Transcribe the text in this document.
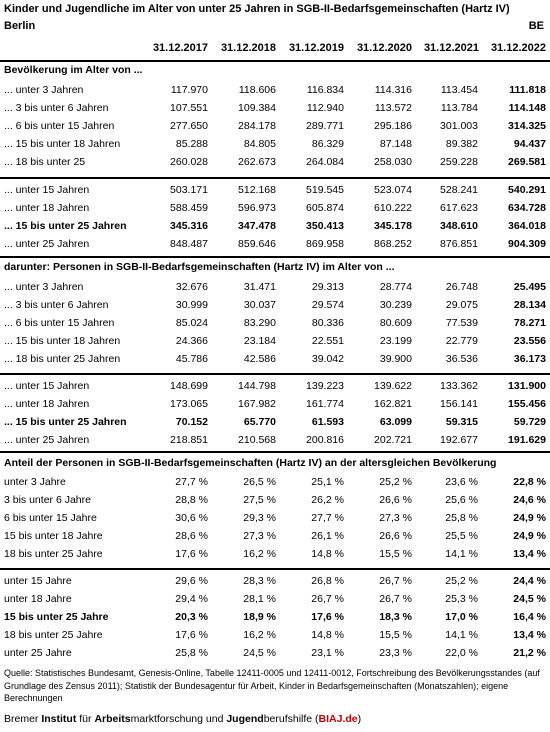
Kinder und Jugendliche im Alter von unter 25 Jahren in SGB-II-Bedarfsgemeinschaften (Hartz IV)
Berlin	BE
31.12.2017	31.12.2018	31.12.2019	31.12.2020	31.12.2021	31.12.2022
Bevölkerung im Alter von ...
... unter 3 Jahren	117.970	118.606	116.834	114.316	113.454	111.818
... 3 bis unter 6 Jahren	107.551	109.384	112.940	113.572	113.784	114.148
... 6 bis unter 15 Jahren	277.650	284.178	289.771	295.186	301.003	314.325
... 15 bis unter 18 Jahren	85.288	84.805	86.329	87.148	89.382	94.437
... 18 bis unter 25	260.028	262.673	264.084	258.030	259.228	269.581
... unter 15 Jahren	503.171	512.168	519.545	523.074	528.241	540.291
... unter 18 Jahren	588.459	596.973	605.874	610.222	617.623	634.728
... 15 bis unter 25 Jahren	345.316	347.478	350.413	345.178	348.610	364.018
... unter 25 Jahren	848.487	859.646	869.958	868.252	876.851	904.309
darunter: Personen in SGB-II-Bedarfsgemeinschaften (Hartz IV) im Alter von ...
... unter 3 Jahren	32.676	31.471	29.313	28.774	26.748	25.495
... 3 bis unter 6 Jahren	30.999	30.037	29.574	30.239	29.075	28.134
... 6 bis unter 15 Jahren	85.024	83.290	80.336	80.609	77.539	78.271
... 15 bis unter 18 Jahren	24.366	23.184	22.551	23.199	22.779	23.556
... 18 bis unter 25 Jahren	45.786	42.586	39.042	39.900	36.536	36.173
... unter 15 Jahren	148.699	144.798	139.223	139.622	133.362	131.900
... unter 18 Jahren	173.065	167.982	161.774	162.821	156.141	155.456
... 15 bis unter 25 Jahren	70.152	65.770	61.593	63.099	59.315	59.729
... unter 25 Jahren	218.851	210.568	200.816	202.721	192.677	191.629
Anteil der Personen in SGB-II-Bedarfsgemeinschaften (Hartz IV) an der altersgleichen Bevölkerung
unter 3 Jahre	27,7 %	26,5 %	25,1 %	25,2 %	23,6 %	22,8 %
3 bis unter 6 Jahre	28,8 %	27,5 %	26,2 %	26,6 %	25,6 %	24,6 %
6 bis unter 15 Jahre	30,6 %	29,3 %	27,7 %	27,3 %	25,8 %	24,9 %
15 bis unter 18 Jahre	28,6 %	27,3 %	26,1 %	26,6 %	25,5 %	24,9 %
18 bis unter 25 Jahre	17,6 %	16,2 %	14,8 %	15,5 %	14,1 %	13,4 %
unter 15 Jahre	29,6 %	28,3 %	26,8 %	26,7 %	25,2 %	24,4 %
unter 18 Jahre	29,4 %	28,1 %	26,7 %	26,7 %	25,3 %	24,5 %
15 bis unter 25 Jahre	20,3 %	18,9 %	17,6 %	18,3 %	17,0 %	16,4 %
18 bis unter 25 Jahre	17,6 %	16,2 %	14,8 %	15,5 %	14,1 %	13,4 %
unter 25 Jahre	25,8 %	24,5 %	23,1 %	23,3 %	22,0 %	21,2 %
Quelle: Statistisches Bundesamt, Genesis-Online, Tabelle 12411-0005 und 12411-0012, Fortschreibung des Bevölkerungsstandes (auf Grundlage des Zensus 2011); Statistik der Bundesagentur für Arbeit, Kinder in Bedarfsgemeinschaften (Monatszahlen); eigene Berechnungen
Bremer Institut für Arbeitsmarktforschung und Jugendberufshilfe (BIAJ.de)
